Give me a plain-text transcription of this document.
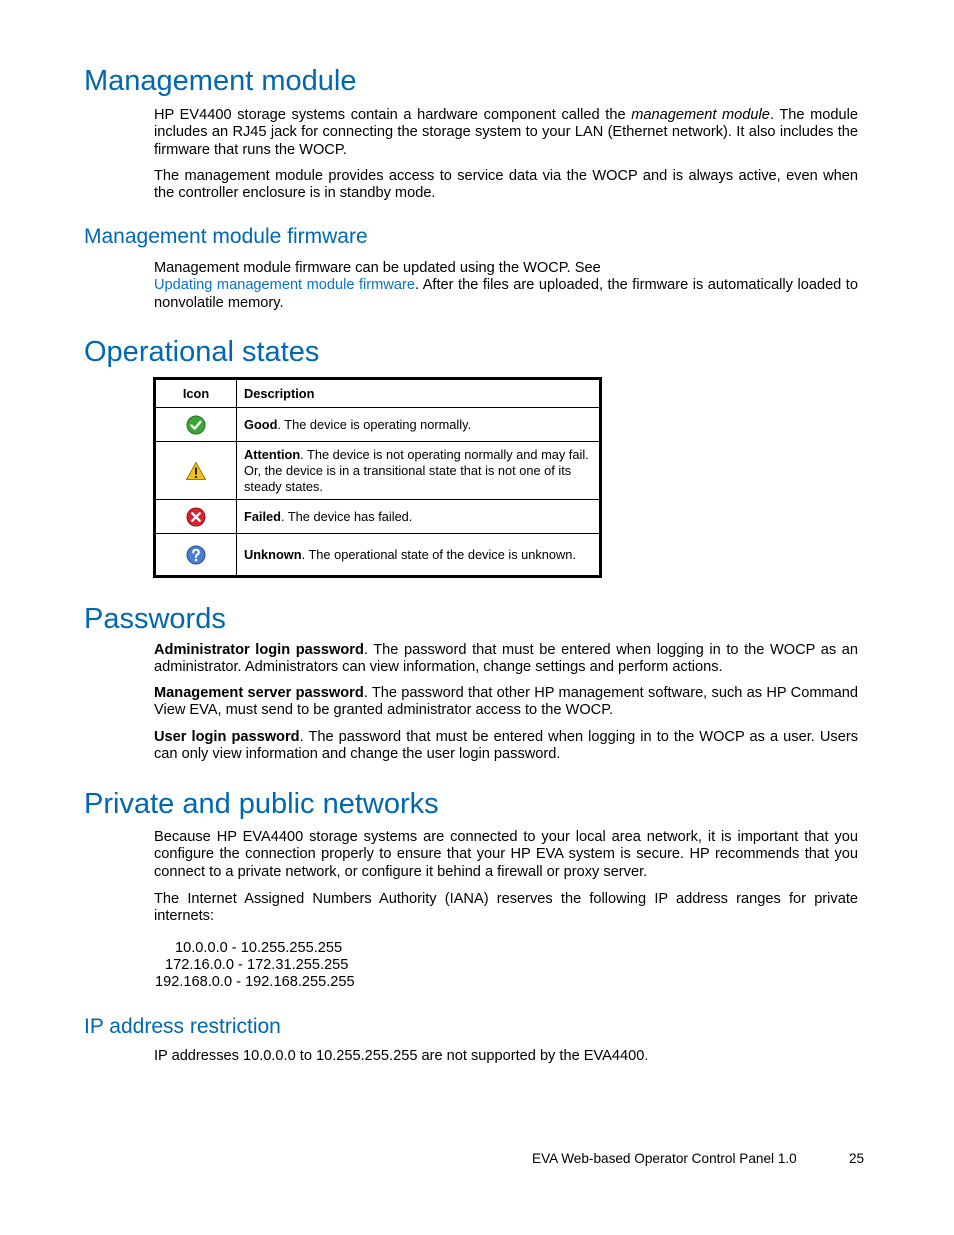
Management module

HP EV4400 storage systems contain a hardware component called the management module. The module includes an RJ45 jack for connecting the storage system to your LAN (Ethernet network). It also includes the firmware that runs the WOCP.

The management module provides access to service data via the WOCP and is always active, even when the controller enclosure is in standby mode.

Management module firmware

Management module firmware can be updated using the WOCP. See
Updating management module firmware. After the files are uploaded, the firmware is automatically loaded to nonvolatile memory.

Operational states
Icon	Description
	Good. The device is operating normally.
	Attention. The device is not operating normally and may fail. Or, the device is in a transitional state that is not one of its steady states.
	Failed. The device has failed.
	Unknown. The operational state of the device is unknown.
Passwords

Administrator login password. The password that must be entered when logging in to the WOCP as an administrator. Administrators can view information, change settings and perform actions.

Management server password. The password that other HP management software, such as HP Command View EVA, must send to be granted administrator access to the WOCP.

User login password. The password that must be entered when logging in to the WOCP as a user. Users can only view information and change the user login password.

Private and public networks

Because HP EVA4400 storage systems are connected to your local area network, it is important that you configure the connection properly to ensure that your HP EVA system is secure. HP recommends that you connect to a private network, or configure it behind a firewall or proxy server.

The Internet Assigned Numbers Authority (IANA) reserves the following IP address ranges for private internets:

10.0.0.0 - 10.255.255.255

172.16.0.0 - 172.31.255.255

192.168.0.0 - 192.168.255.255

IP address restriction

IP addresses 10.0.0.0 to 10.255.255.255 are not supported by the EVA4400.

EVA Web-based Operator Control Panel 1.0	25
